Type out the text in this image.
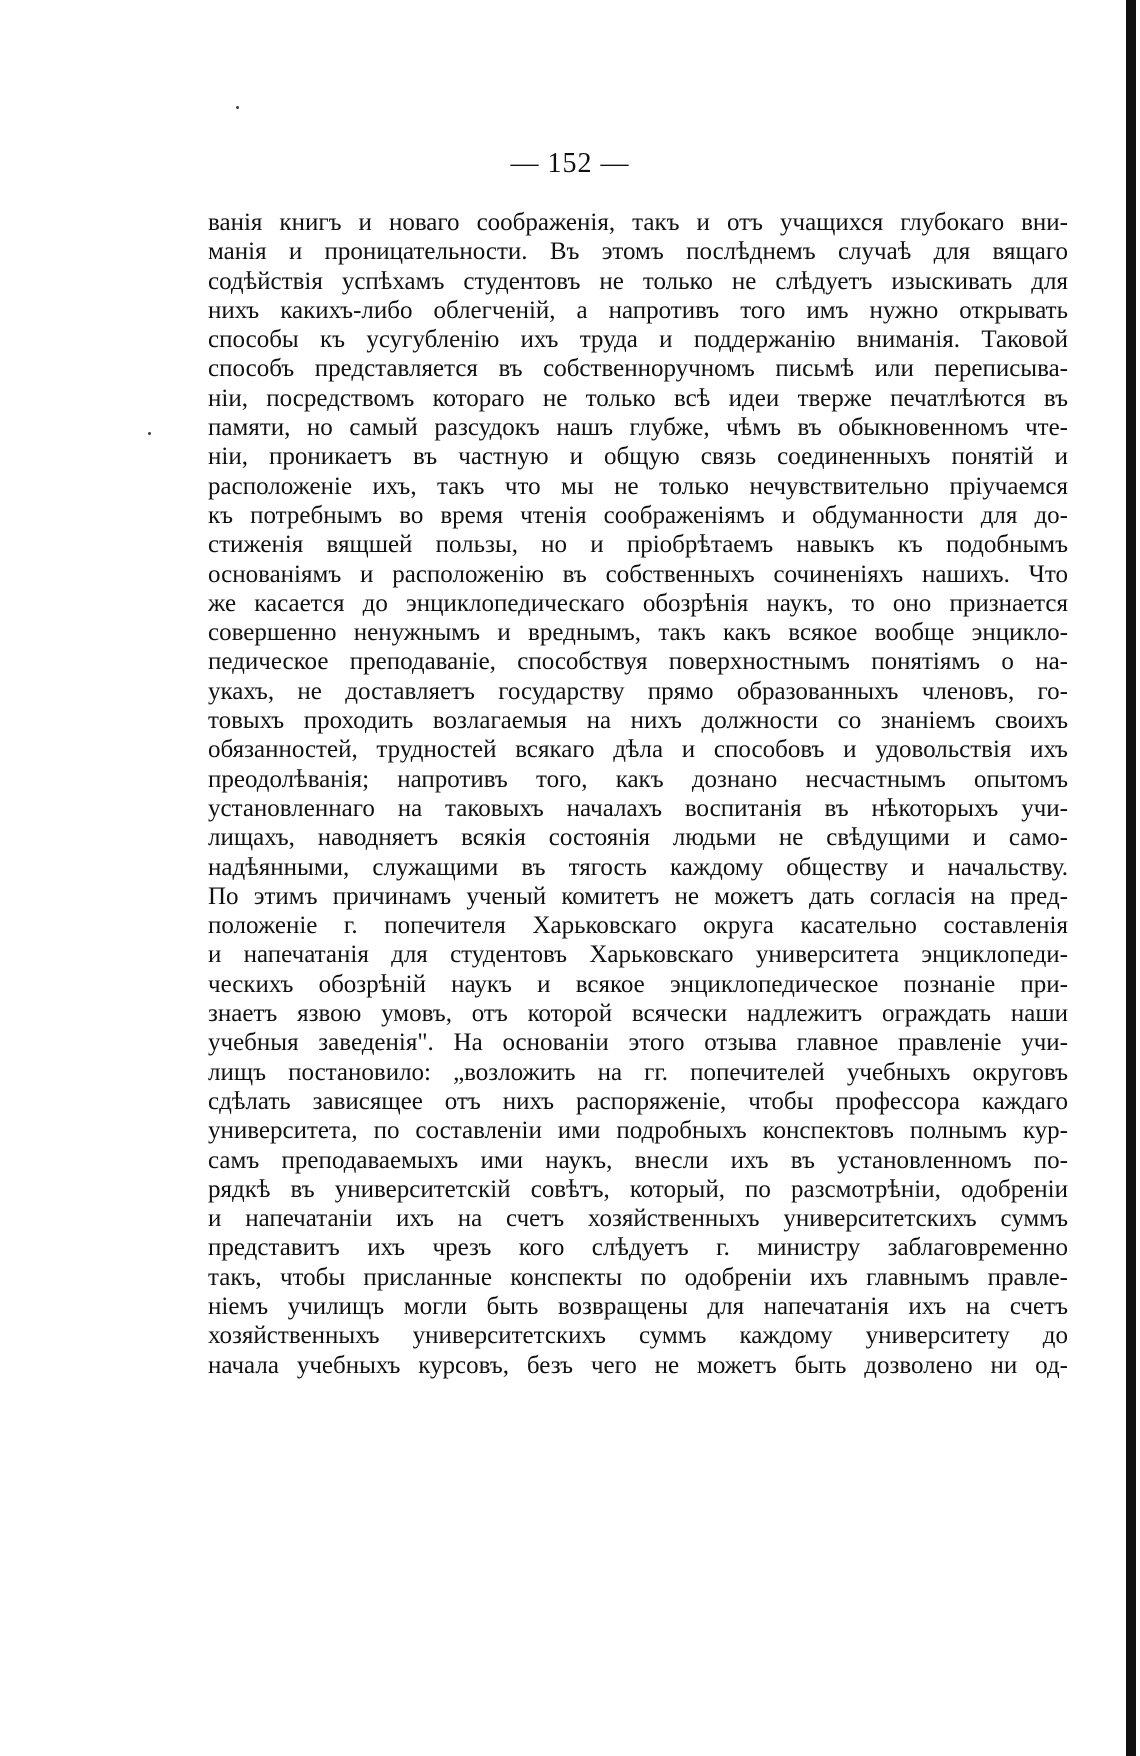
— 152 —
ванія книгъ и новаго соображенія, такъ и отъ учащихся глубокаго вни-
манія и проницательности. Въ этомъ послѣднемъ случаѣ для вящаго
содѣйствія успѣхамъ студентовъ не только не слѣдуетъ изыскивать для
нихъ какихъ-либо облегченій, а напротивъ того имъ нужно открывать
способы къ усугубленію ихъ труда и поддержанію вниманія. Таковой
способъ представляется въ собственноручномъ письмѣ или переписыва-
ніи, посредствомъ котораго не только всѣ идеи тверже печатлѣются въ
памяти, но самый разсудокъ нашъ глубже, чѣмъ въ обыкновенномъ чте-
ніи, проникаетъ въ частную и общую связь соединенныхъ понятій и
расположеніе ихъ, такъ что мы не только нечувствительно пріучаемся
къ потребнымъ во время чтенія соображеніямъ и обдуманности для до-
стиженія вящшей пользы, но и пріобрѣтаемъ навыкъ къ подобнымъ
основаніямъ и расположенію въ собственныхъ сочиненіяхъ нашихъ. Что
же касается до энциклопедическаго обозрѣнія наукъ, то оно признается
совершенно ненужнымъ и вреднымъ, такъ какъ всякое вообще энциклo-
педическое преподаваніе, способствуя поверхностнымъ понятіямъ о на-
укахъ, не доставляетъ государству прямо образованныхъ членовъ, го-
товыхъ проходить возлагаемыя на нихъ должности со знаніемъ своихъ
обязанностей, трудностей всякаго дѣла и способовъ и удовольствія ихъ
преодолѣванія; напротивъ того, какъ дознано несчастнымъ опытомъ
установленнаго на таковыхъ началахъ воспитанія въ нѣкоторыхъ учи-
лищахъ, наводняетъ всякія состоянія людьми не свѣдущими и само-
надѣянными, служащими въ тягость каждому обществу и начальству.
По этимъ причинамъ ученый комитетъ не можетъ дать согласія на пред-
положеніе г. попечителя Харьковскаго округа касательно составленія
и напечатанія для студентовъ Харьковскаго университета энциклопеди-
ческихъ обозрѣній наукъ и всякое энциклопедическое познаніе при-
знаетъ язвою умовъ, отъ которой всячески надлежитъ ограждать наши
учебныя заведенія". На основаніи этого отзыва главное правленіе учи-
лищъ постановило: „возложить на гг. попечителей учебныхъ округовъ
сдѣлать зависящее отъ нихъ распоряженіе, чтобы профессора каждаго
университета, по составленіи ими подробныхъ конспектовъ полнымъ кур-
самъ преподаваемыхъ ими наукъ, внесли ихъ въ установленномъ по-
рядкѣ въ университетскій совѣтъ, который, по разсмотрѣніи, одобреніи
и напечатаніи ихъ на счетъ хозяйственныхъ университетскихъ суммъ
представитъ ихъ чрезъ кого слѣдуетъ г. министру заблаговременно
такъ, чтобы присланные конспекты по одобреніи ихъ главнымъ правле-
ніемъ училищъ могли быть возвращены для напечатанія ихъ на счетъ
хозяйственныхъ университетскихъ суммъ каждому университету до
начала учебныхъ курсовъ, безъ чего не можетъ быть дозволено ни од-
